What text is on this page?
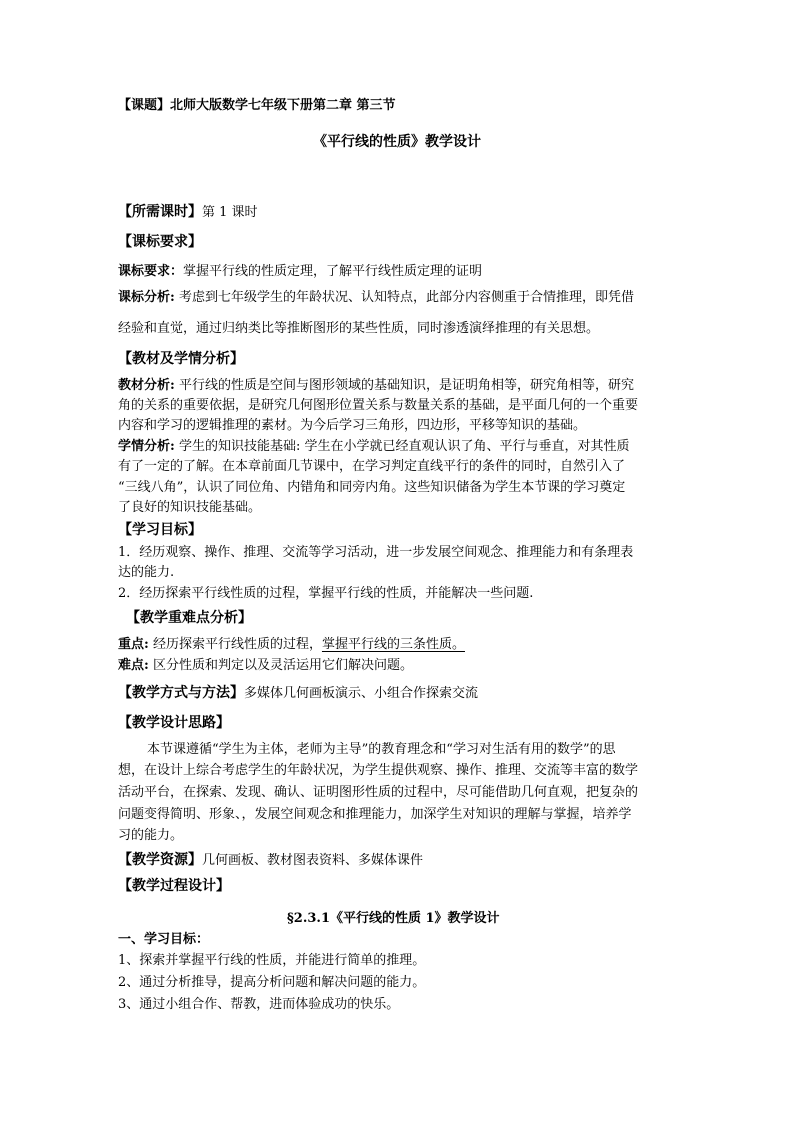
【课题】北师大版数学七年级下册第二章 第三节
《平行线的性质》教学设计
【所需课时】第 1 课时
【课标要求】
课标要求：掌握平行线的性质定理，了解平行线性质定理的证明
课标分析: 考虑到七年级学生的年龄状况、认知特点，此部分内容侧重于合情推理，即凭借
经验和直觉，通过归纳类比等推断图形的某些性质，同时渗透演绎推理的有关思想。
【教材及学情分析】
教材分析: 平行线的性质是空间与图形领域的基础知识，是证明角相等，研究角相等，研究
角的关系的重要依据，是研究几何图形位置关系与数量关系的基础，是平面几何的一个重要
内容和学习的逻辑推理的素材。为今后学习三角形，四边形，平移等知识的基础。
学情分析: 学生的知识技能基础: 学生在小学就已经直观认识了角、平行与垂直，对其性质
有了一定的了解。在本章前面几节课中，在学习判定直线平行的条件的同时，自然引入了
“三线八角”，认识了同位角、内错角和同旁内角。这些知识储备为学生本节课的学习奠定
了良好的知识技能基础。
【学习目标】
1．经历观察、操作、推理、交流等学习活动，进一步发展空间观念、推理能力和有条理表
达的能力.
2．经历探索平行线性质的过程，掌握平行线的性质，并能解决一些问题.
【教学重难点分析】
重点: 经历探索平行线性质的过程，掌握平行线的三条性质。
难点: 区分性质和判定以及灵活运用它们解决问题。
【教学方式与方法】多媒体几何画板演示、小组合作探索交流
【教学设计思路】
本节课遵循“学生为主体，老师为主导”的教育理念和“学习对生活有用的数学”的思
想，在设计上综合考虑学生的年龄状况，为学生提供观察、操作、推理、交流等丰富的数学
活动平台，在探索、发现、确认、证明图形性质的过程中，尽可能借助几何直观，把复杂的
问题变得简明、形象、，发展空间观念和推理能力，加深学生对知识的理解与掌握，培养学
习的能力。
【教学资源】几何画板、教材图表资料、多媒体课件
【教学过程设计】
§2.3.1《平行线的性质 1》教学设计
一、学习目标：
1、探索并掌握平行线的性质，并能进行简单的推理。
2、通过分析推导，提高分析问题和解决问题的能力。
3、通过小组合作、帮教，进而体验成功的快乐。
